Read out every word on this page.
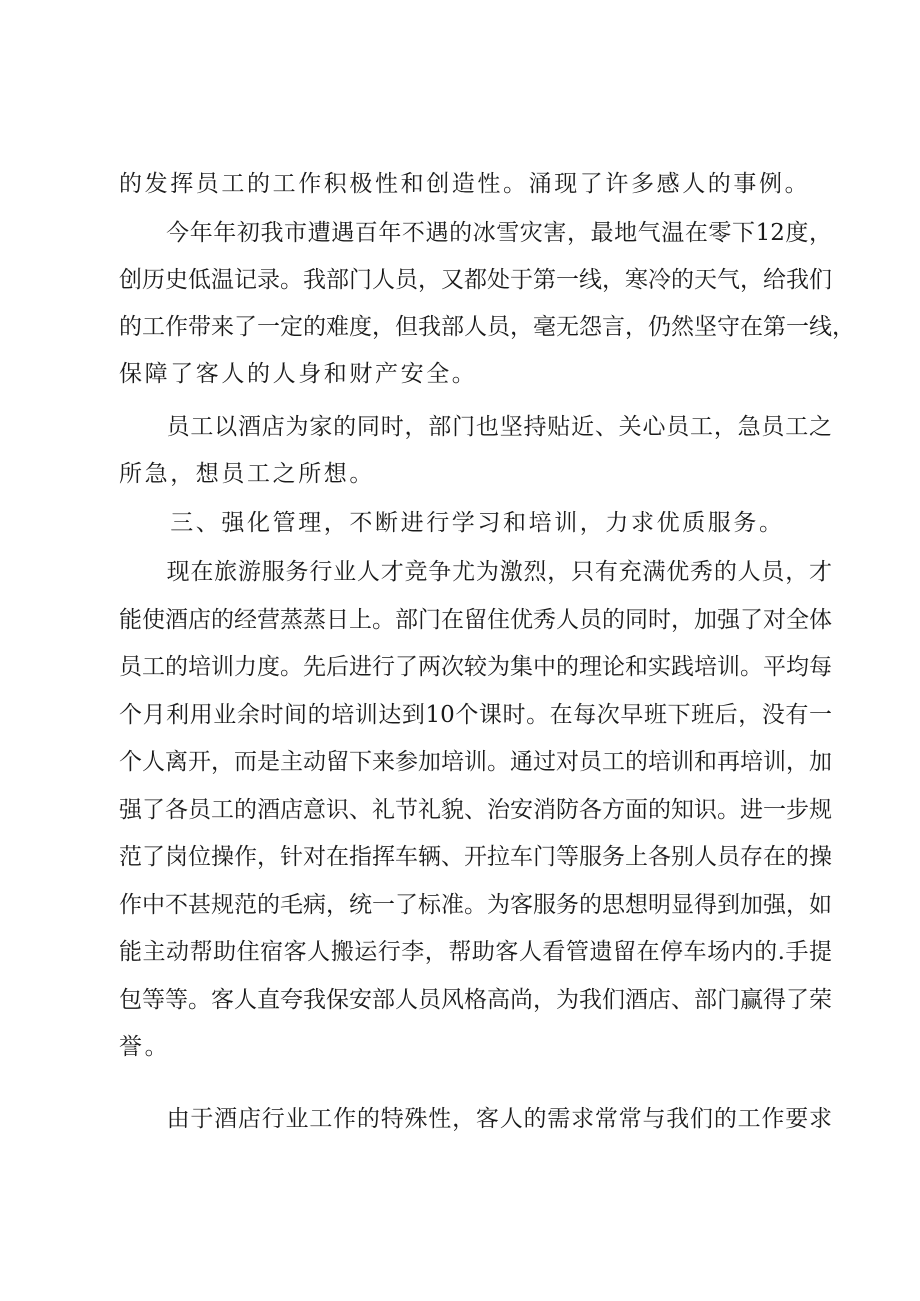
的发挥员工的工作积极性和创造性。涌现了许多感人的事例。
　　今年年初我市遭遇百年不遇的冰雪灾害，最地气温在零下12度，
创历史低温记录。我部门人员，又都处于第一线，寒冷的天气，给我们
的工作带来了一定的难度，但我部人员，毫无怨言，仍然坚守在第一线，
保障了客人的人身和财产安全。
　　员工以酒店为家的同时，部门也坚持贴近、关心员工，急员工之
所急，想员工之所想。
　　三、强化管理，不断进行学习和培训，力求优质服务。
　　现在旅游服务行业人才竞争尤为激烈，只有充满优秀的人员，才
能使酒店的经营蒸蒸日上。部门在留住优秀人员的同时，加强了对全体
员工的培训力度。先后进行了两次较为集中的理论和实践培训。平均每
个月利用业余时间的培训达到10个课时。在每次早班下班后，没有一
个人离开，而是主动留下来参加培训。通过对员工的培训和再培训，加
强了各员工的酒店意识、礼节礼貌、治安消防各方面的知识。进一步规
范了岗位操作，针对在指挥车辆、开拉车门等服务上各别人员存在的操
作中不甚规范的毛病，统一了标准。为客服务的思想明显得到加强，如
能主动帮助住宿客人搬运行李，帮助客人看管遗留在停车场内的.手提
包等等。客人直夸我保安部人员风格高尚，为我们酒店、部门赢得了荣
誉。
　　由于酒店行业工作的特殊性，客人的需求常常与我们的工作要求
